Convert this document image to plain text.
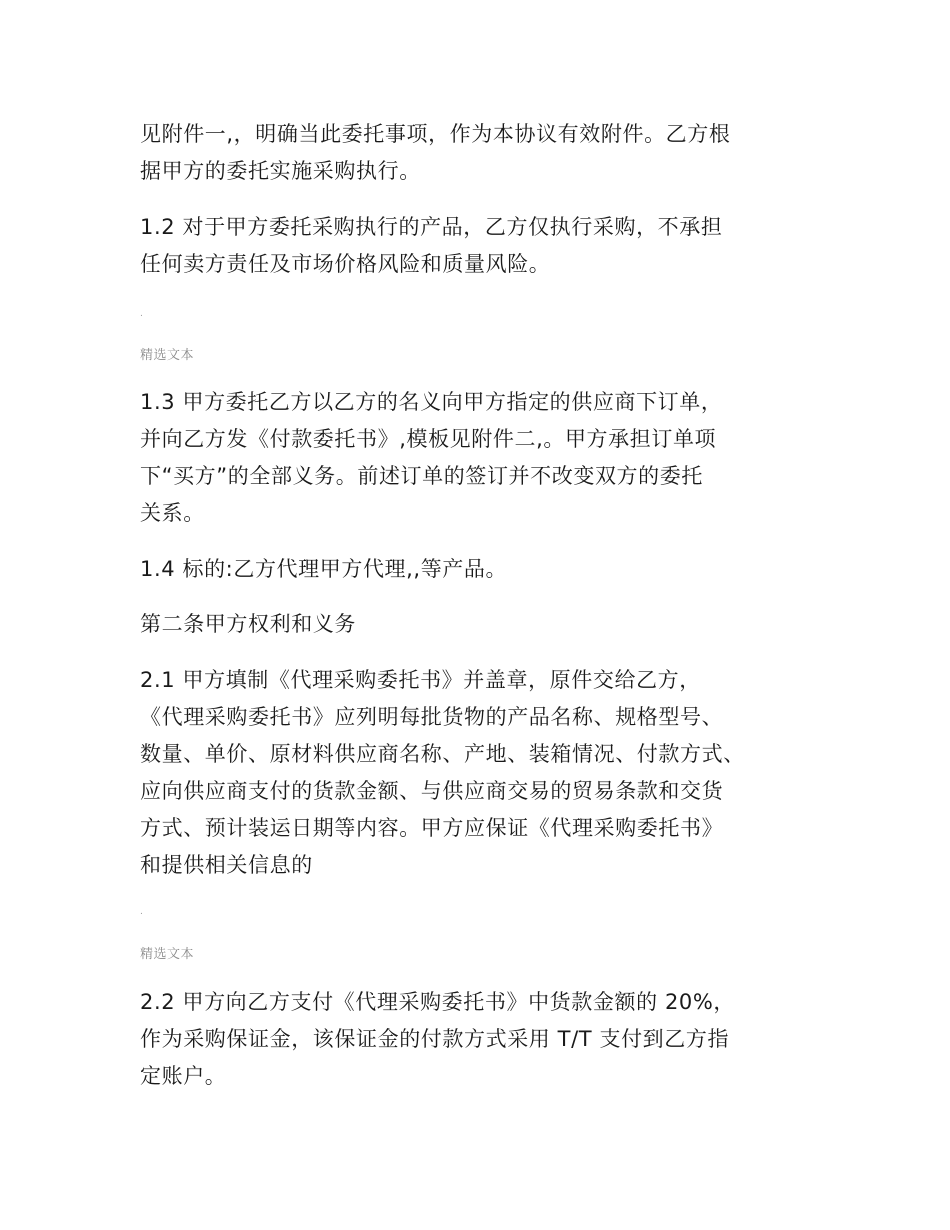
见附件一,，明确当此委托事项，作为本协议有效附件。乙方根
据甲方的委托实施采购执行。
1.2 对于甲方委托采购执行的产品，乙方仅执行采购，不承担
任何卖方责任及市场价格风险和质量风险。
.
精选文本
1.3 甲方委托乙方以乙方的名义向甲方指定的供应商下订单，
并向乙方发《付款委托书》,模板见附件二,。甲方承担订单项
下“买方”的全部义务。前述订单的签订并不改变双方的委托
关系。
1.4 标的:乙方代理甲方代理,,等产品。
第二条甲方权利和义务
2.1 甲方填制《代理采购委托书》并盖章，原件交给乙方，
《代理采购委托书》应列明每批货物的产品名称、规格型号、
数量、单价、原材料供应商名称、产地、装箱情况、付款方式、
应向供应商支付的货款金额、与供应商交易的贸易条款和交货
方式、预计装运日期等内容。甲方应保证《代理采购委托书》
和提供相关信息的
.
精选文本
2.2 甲方向乙方支付《代理采购委托书》中货款金额的 20%，
作为采购保证金，该保证金的付款方式采用 T/T 支付到乙方指
定账户。
